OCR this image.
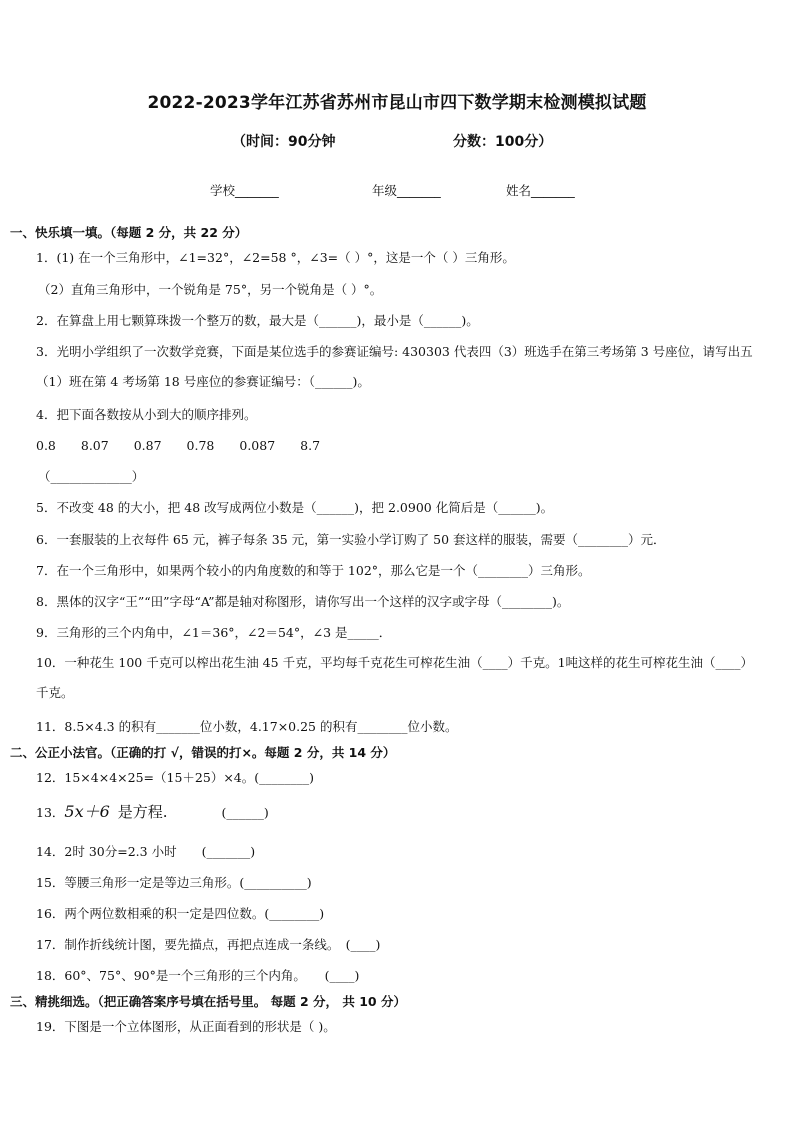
2022-2023学年江苏省苏州市昆山市四下数学期末检测模拟试题
（时间：90分钟	分数：100分）
学校_______	年级_______	姓名_______
一、快乐填一填。（每题 2 分，共 22 分）
1．(1) 在一个三角形中，∠1=32°，∠2=58 °，∠3=（ ）°，这是一个（ ）三角形。
（2）直角三角形中，一个锐角是 75°，另一个锐角是（ ）°。
2．在算盘上用七颗算珠拨一个整万的数，最大是（______)，最小是（______)。
3．光明小学组织了一次数学竞赛，下面是某位选手的参赛证编号: 430303 代表四（3）班选手在第三考场第 3 号座位，请写出五（1）班在第 4 考场第 18 号座位的参赛证编号：（______)。
4．把下面各数按从小到大的顺序排列。
0.8　　8.07　　0.87　　0.78　　0.087　　8.7
（_____________）
5．不改变 48 的大小，把 48 改写成两位小数是（______)，把 2.0900 化简后是（______)。
6．一套服装的上衣每件 65 元，裤子每条 35 元，第一实验小学订购了 50 套这样的服装，需要（________）元．
7．在一个三角形中，如果两个较小的内角度数的和等于 102°，那么它是一个（________）三角形。
8．黑体的汉字“王”“田”字母“A”都是轴对称图形，请你写出一个这样的汉字或字母（________)。
9．三角形的三个内角中，∠1＝36°，∠2＝54°，∠3 是_____．
10．一种花生 100 千克可以榨出花生油 45 千克，平均每千克花生可榨花生油（____）千克。1吨这样的花生可榨花生油（____）千克。
11．8.5×4.3 的积有_______位小数，4.17×0.25 的积有________位小数。
二、公正小法官。（正确的打 √，错误的打×。每题 2 分，共 14 分）
12．15×4×4×25=（15＋25）×4。(________)
13．5x＋6 是方程.	(______)
14．2时 30分=2.3 小时　　(_______)
15．等腰三角形一定是等边三角形。(__________)
16．两个两位数相乘的积一定是四位数。(________)
17．制作折线统计图，要先描点，再把点连成一条线。　(____)
18．60°、75°、90°是一个三角形的三个内角。　　(____)
三、精挑细选。（把正确答案序号填在括号里。 每题 2 分， 共 10 分）
19．下图是一个立体图形，从正面看到的形状是（ )。
